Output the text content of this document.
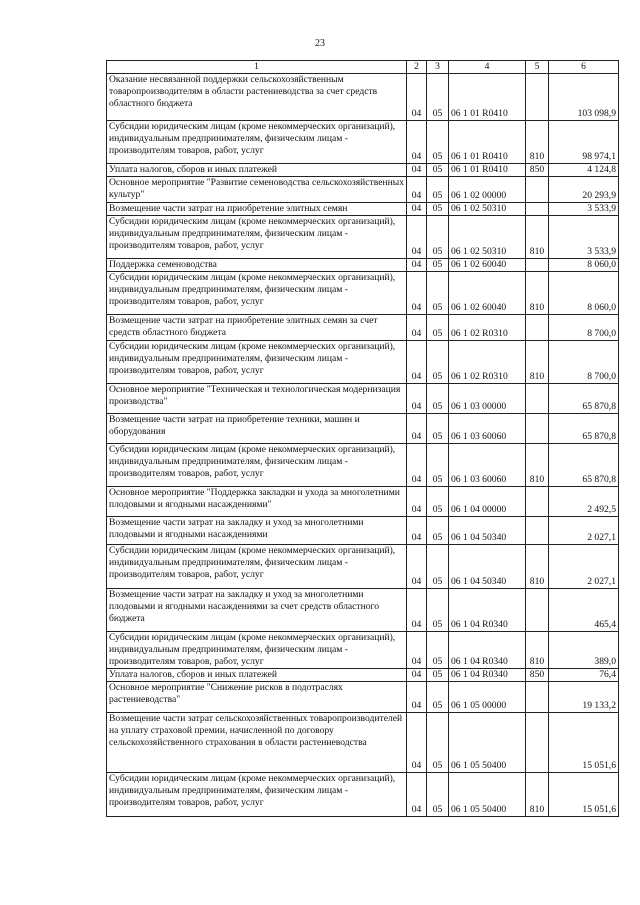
23
1	2	3	4	5	6
Оказание несвязанной поддержки сельскохозяйственным товаропроизводителям в области растениеводства за счет средств областного бюджета	04	05	06 1 01 R0410		103 098,9
Субсидии юридическим лицам (кроме некоммерческих организаций), индивидуальным предпринимателям, физическим лицам - производителям товаров, работ, услуг	04	05	06 1 01 R0410	810	98 974,1
Уплата налогов, сборов и иных платежей	04	05	06 1 01 R0410	850	4 124,8
Основное мероприятие "Развитие семеноводства сельскохозяйственных культур"	04	05	06 1 02 00000		20 293,9
Возмещение части затрат на приобретение элитных семян	04	05	06 1 02 50310		3 533,9
Субсидии юридическим лицам (кроме некоммерческих организаций), индивидуальным предпринимателям, физическим лицам - производителям товаров, работ, услуг	04	05	06 1 02 50310	810	3 533,9
Поддержка семеноводства	04	05	06 1 02 60040		8 060,0
Субсидии юридическим лицам (кроме некоммерческих организаций), индивидуальным предпринимателям, физическим лицам - производителям товаров, работ, услуг	04	05	06 1 02 60040	810	8 060,0
Возмещение части затрат на приобретение элитных семян за счет средств областного бюджета	04	05	06 1 02 R0310		8 700,0
Субсидии юридическим лицам (кроме некоммерческих организаций), индивидуальным предпринимателям, физическим лицам - производителям товаров, работ, услуг	04	05	06 1 02 R0310	810	8 700,0
Основное мероприятие "Техническая и технологическая модернизация производства"	04	05	06 1 03 00000		65 870,8
Возмещение части затрат на приобретение техники, машин и оборудования	04	05	06 1 03 60060		65 870,8
Субсидии юридическим лицам (кроме некоммерческих организаций), индивидуальным предпринимателям, физическим лицам - производителям товаров, работ, услуг	04	05	06 1 03 60060	810	65 870,8
Основное мероприятие "Поддержка закладки и ухода за многолетними плодовыми и ягодными насаждениями"	04	05	06 1 04 00000		2 492,5
Возмещение части затрат на закладку и уход за многолетними плодовыми и ягодными насаждениями	04	05	06 1 04 50340		2 027,1
Субсидии юридическим лицам (кроме некоммерческих организаций), индивидуальным предпринимателям, физическим лицам - производителям товаров, работ, услуг	04	05	06 1 04 50340	810	2 027,1
Возмещение части затрат на закладку и уход за многолетними плодовыми и ягодными насаждениями за счет средств областного бюджета	04	05	06 1 04 R0340		465,4
Субсидии юридическим лицам (кроме некоммерческих организаций), индивидуальным предпринимателям, физическим лицам - производителям товаров, работ, услуг	04	05	06 1 04 R0340	810	389,0
Уплата налогов, сборов и иных платежей	04	05	06 1 04 R0340	850	76,4
Основное мероприятие "Снижение рисков в подотраслях растениеводства"	04	05	06 1 05 00000		19 133,2
Возмещение части затрат сельскохозяйственных товаропроизводителей на уплату страховой премии, начисленной по договору сельскохозяйственного страхования в области растениеводства	04	05	06 1 05 50400		15 051,6
Субсидии юридическим лицам (кроме некоммерческих организаций), индивидуальным предпринимателям, физическим лицам - производителям товаров, работ, услуг	04	05	06 1 05 50400	810	15 051,6
